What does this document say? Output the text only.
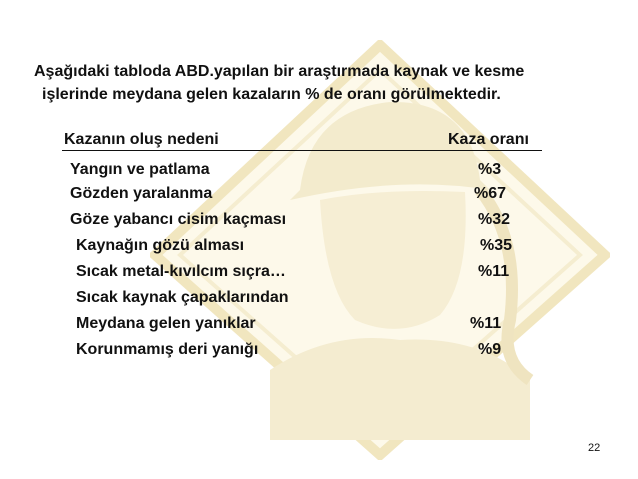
Aşağıdaki tabloda ABD.yapılan bir araştırmada kaynak ve kesme
işlerinde meydana gelen kazaların % de oranı görülmektedir.
Kazanın oluş nedeni	Kaza oranı
Yangın ve patlama	%3
Gözden yaralanma	%67
Göze yabancı cisim kaçması	%32
Kaynağın gözü alması	%35
Sıcak metal-kıvılcım sıçra…	%11
Sıcak kaynak çapaklarından
Meydana gelen yanıklar	%11
Korunmamış deri yanığı	%9
22
